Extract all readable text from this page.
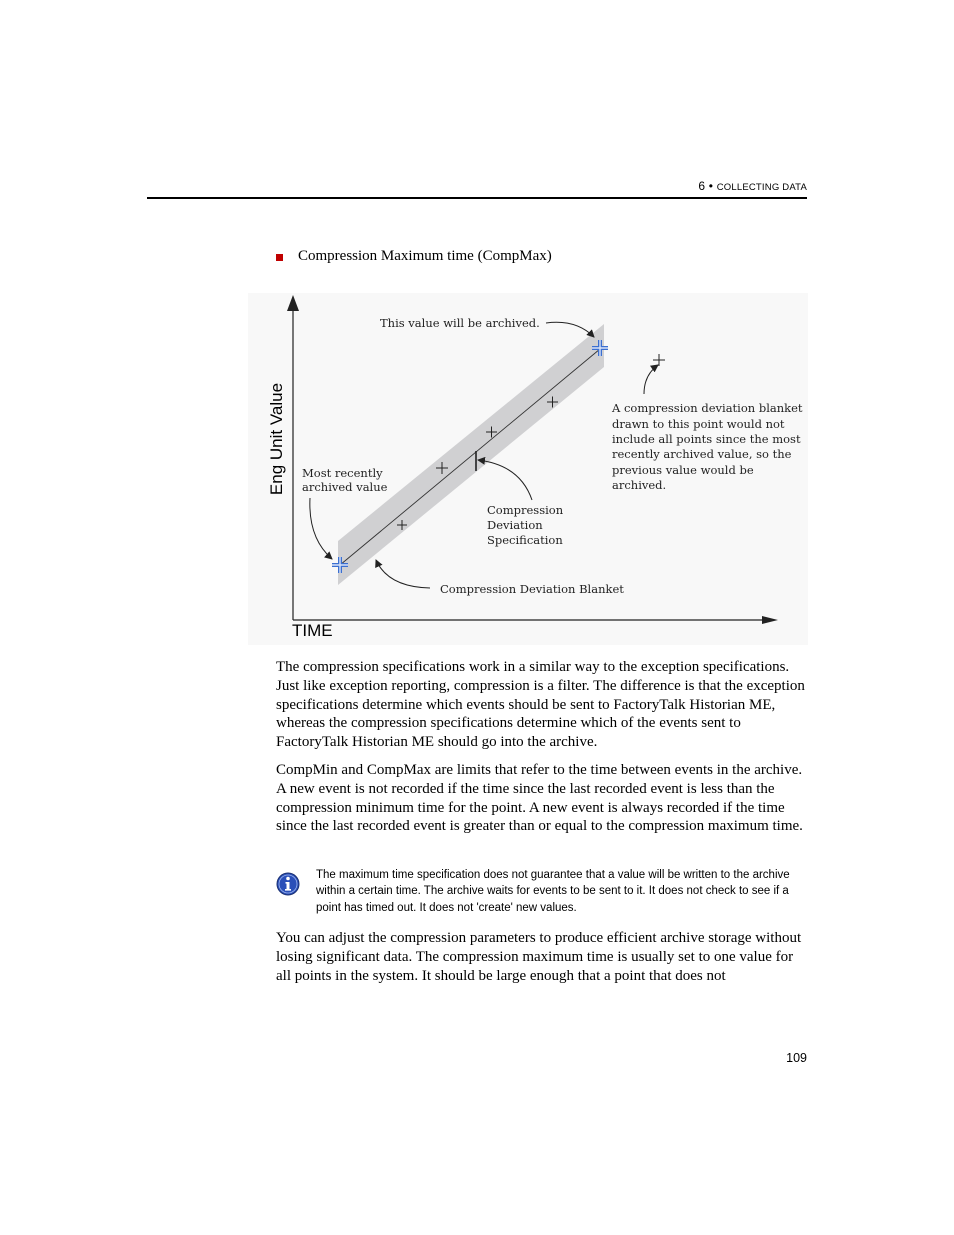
6 • COLLECTING DATA
Compression Maximum time (CompMax)
TIME
Eng Unit Value
This value will be archived.
Most recently archived value
Compression Deviation Specification
Compression Deviation Blanket
A compression deviation blanket drawn to this point would not include all points since the most recently archived value, so the previous value would be archived.

The compression specifications work in a similar way to the exception specifications. Just like exception reporting, compression is a filter. The difference is that the exception specifications determine which events should be sent to FactoryTalk Historian ME, whereas the compression specifications determine which of the events sent to FactoryTalk Historian ME should go into the archive.

CompMin and CompMax are limits that refer to the time between events in the archive. A new event is not recorded if the time since the last recorded event is less than the compression minimum time for the point. A new event is always recorded if the time since the last recorded event is greater than or equal to the compression maximum time.

The maximum time specification does not guarantee that a value will be written to the archive within a certain time. The archive waits for events to be sent to it. It does not check to see if a point has timed out. It does not 'create' new values.

You can adjust the compression parameters to produce efficient archive storage without losing significant data. The compression maximum time is usually set to one value for all points in the system. It should be large enough that a point that does not

109
